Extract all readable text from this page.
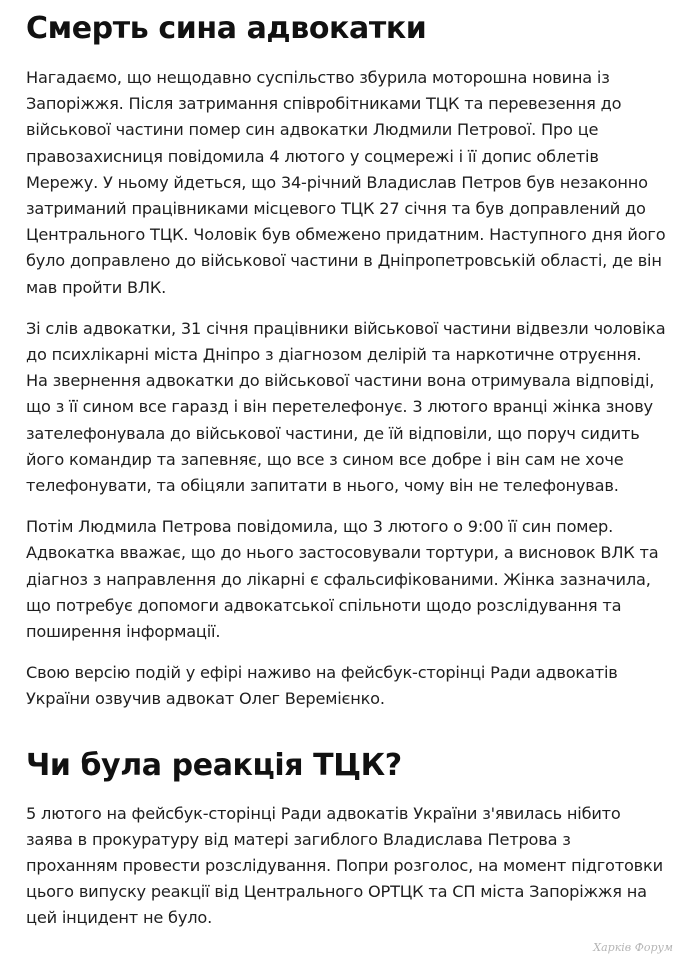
Смерть сина адвокатки

Нагадаємо, що нещодавно суспільство збурила моторошна новина із Запоріжжя. Після затримання співробітниками ТЦК та перевезення до військової частини помер син адвокатки Людмили Петрової. Про це правозахисниця повідомила 4 лютого у соцмережі і її допис облетів Мережу. У ньому йдеться, що 34-річний Владислав Петров був незаконно затриманий працівниками місцевого ТЦК 27 січня та був доправлений до Центрального ТЦК. Чоловік був обмежено придатним. Наступного дня його було доправлено до військової частини в Дніпропетровській області, де він мав пройти ВЛК.

Зі слів адвокатки, 31 січня працівники військової частини відвезли чоловіка до психлікарні міста Дніпро з діагнозом делірій та наркотичне отруєння. На звернення адвокатки до військової частини вона отримувала відповіді, що з її сином все гаразд і він перетелефонує. 3 лютого вранці жінка знову зателефонувала до військової частини, де їй відповіли, що поруч сидить його командир та запевняє, що все з сином все добре і він сам не хоче телефонувати, та обіцяли запитати в нього, чому він не телефонував.

Потім Людмила Петрова повідомила, що 3 лютого о 9:00 її син помер. Адвокатка вважає, що до нього застосовували тортури, а висновок ВЛК та діагноз з направлення до лікарні є сфальсифікованими. Жінка зазначила, що потребує допомоги адвокатської спільноти щодо розслідування та поширення інформації.

Свою версію подій у ефірі наживо на фейсбук-сторінці Ради адвокатів України озвучив адвокат Олег Веремієнко.

Чи була реакція ТЦК?

5 лютого на фейсбук-сторінці Ради адвокатів України з'явилась нібито заява в прокуратуру від матері загиблого Владислава Петрова з проханням провести розслідування. Попри розголос, на момент підготовки цього випуску реакції від Центрального ОРТЦК та СП міста Запоріжжя на цей інцидент не було.

Харків Форум
